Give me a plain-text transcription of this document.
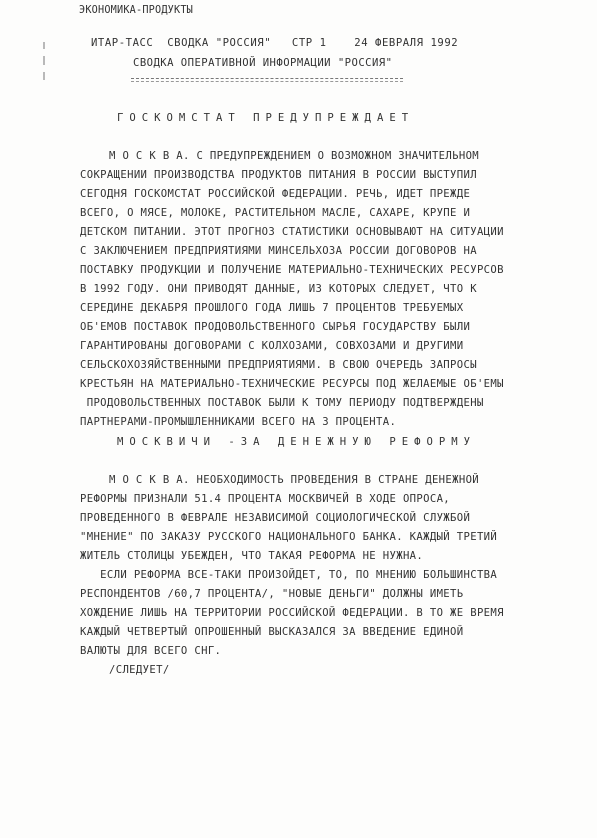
ЭКОНОМИКА-ПРОДУКТЫ
ИТАР-ТАСС  СВОДКА "РОССИЯ"   СТР 1    24 ФЕВРАЛЯ 1992
СВОДКА ОПЕРАТИВНОЙ ИНФОРМАЦИИ "РОССИЯ"
ГОСКОМСТАТ ПРЕДУПРЕЖДАЕТ
М О С К В А. С ПРЕДУПРЕЖДЕНИЕМ О ВОЗМОЖНОМ ЗНАЧИТЕЛЬНОМ
СОКРАЩЕНИИ ПРОИЗВОДСТВА ПРОДУКТОВ ПИТАНИЯ В РОССИИ ВЫСТУПИЛ
СЕГОДНЯ ГОСКОМСТАТ РОССИЙСКОЙ ФЕДЕРАЦИИ. РЕЧЬ, ИДЕТ ПРЕЖДЕ
ВСЕГО, О МЯСЕ, МОЛОКЕ, РАСТИТЕЛЬНОМ МАСЛЕ, САХАРЕ, КРУПЕ И
ДЕТСКОМ ПИТАНИИ. ЭТОТ ПРОГНОЗ СТАТИСТИКИ ОСНОВЫВАЮТ НА СИТУАЦИИ
С ЗАКЛЮЧЕНИЕМ ПРЕДПРИЯТИЯМИ МИНСЕЛЬХОЗА РОССИИ ДОГОВОРОВ НА
ПОСТАВКУ ПРОДУКЦИИ И ПОЛУЧЕНИЕ МАТЕРИАЛЬНО-ТЕХНИЧЕСКИХ РЕСУРСОВ
В 1992 ГОДУ. ОНИ ПРИВОДЯТ ДАННЫЕ, ИЗ КОТОРЫХ СЛЕДУЕТ, ЧТО К
СЕРЕДИНЕ ДЕКАБРЯ ПРОШЛОГО ГОДА ЛИШЬ 7 ПРОЦЕНТОВ ТРЕБУЕМЫХ
ОБ'ЕМОВ ПОСТАВОК ПРОДОВОЛЬСТВЕННОГО СЫРЬЯ ГОСУДАРСТВУ БЫЛИ
ГАРАНТИРОВАНЫ ДОГОВОРАМИ С КОЛХОЗАМИ, СОВХОЗАМИ И ДРУГИМИ
СЕЛЬСКОХОЗЯЙСТВЕННЫМИ ПРЕДПРИЯТИЯМИ. В СВОЮ ОЧЕРЕДЬ ЗАПРОСЫ
КРЕСТЬЯН НА МАТЕРИАЛЬНО-ТЕХНИЧЕСКИЕ РЕСУРСЫ ПОД ЖЕЛАЕМЫЕ ОБ'ЕМЫ
ПРОДОВОЛЬСТВЕННЫХ ПОСТАВОК БЫЛИ К ТОМУ ПЕРИОДУ ПОДТВЕРЖДЕНЫ
ПАРТНЕРАМИ-ПРОМЫШЛЕННИКАМИ ВСЕГО НА 3 ПРОЦЕНТА.
МОСКВИЧИ -ЗА ДЕНЕЖНУЮ РЕФОРМУ
М О С К В А. НЕОБХОДИМОСТЬ ПРОВЕДЕНИЯ В СТРАНЕ ДЕНЕЖНОЙ
РЕФОРМЫ ПРИЗНАЛИ 51.4 ПРОЦЕНТА МОСКВИЧЕЙ В ХОДЕ ОПРОСА,
ПРОВЕДЕННОГО В ФЕВРАЛЕ НЕЗАВИСИМОЙ СОЦИОЛОГИЧЕСКОЙ СЛУЖБОЙ
"МНЕНИЕ" ПО ЗАКАЗУ РУССКОГО НАЦИОНАЛЬНОГО БАНКА. КАЖДЫЙ ТРЕТИЙ
ЖИТЕЛЬ СТОЛИЦЫ УБЕЖДЕН, ЧТО ТАКАЯ РЕФОРМА НЕ НУЖНА.
ЕСЛИ РЕФОРМА ВСЕ-ТАКИ ПРОИЗОЙДЕТ, ТО, ПО МНЕНИЮ БОЛЬШИНСТВА
РЕСПОНДЕНТОВ /60,7 ПРОЦЕНТА/, "НОВЫЕ ДЕНЬГИ" ДОЛЖНЫ ИМЕТЬ
ХОЖДЕНИЕ ЛИШЬ НА ТЕРРИТОРИИ РОССИЙСКОЙ ФЕДЕРАЦИИ. В ТО ЖЕ ВРЕМЯ
КАЖДЫЙ ЧЕТВЕРТЫЙ ОПРОШЕННЫЙ ВЫСКАЗАЛСЯ ЗА ВВЕДЕНИЕ ЕДИНОЙ
ВАЛЮТЫ ДЛЯ ВСЕГО СНГ.
/СЛЕДУЕТ/
